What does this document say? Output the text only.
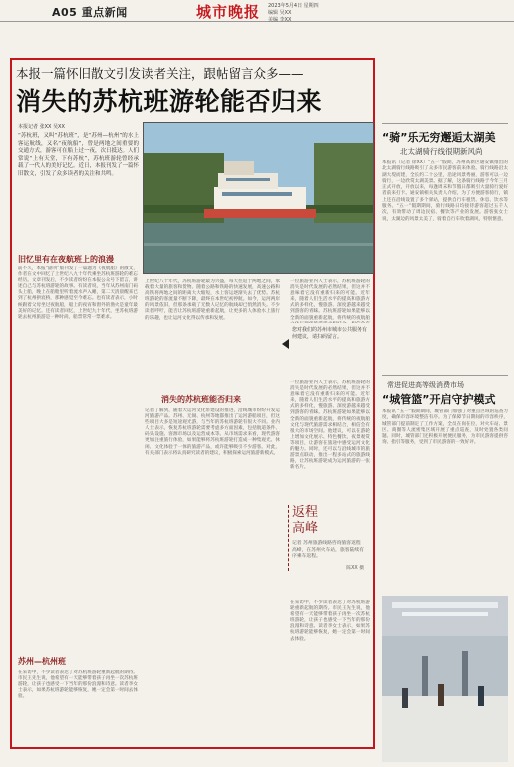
A05 重点新闻	城市晚报 2023年5月4日 星期四
编辑 吴XX
美编 李XX
本报一篇怀旧散文引发读者关注，跟帖留言众多——
消失的苏杭班游轮能否归来
本报记者 张XX 吴XX
“苏杭班，又叫“苏杭班”，是“苏州—杭州”的水上客运航线，又名“夜航船”，曾是两地之间重要的交通方式，游客可在船上过一夜，次日抵达。人们常说“上有天堂，下有苏杭”，苏杭班游轮曾经承载了一代人的美好记忆。近日，本报刊发了一篇怀旧散文，引发了众多读者的关注和共鸣。
旧忆里有在夜航班上的浪漫
前不久，本报“副刊”版刊发了一篇题为《夜航船》的散文，作者在文中回忆了上世纪八九十年代乘坐苏杭班游轮的难忘经历。文章刊发后，不少读者纷纷在本报公众号下留言，讲述自己与苏杭班游轮的故事。有读者说，当年从苏州南门码头上船，晚上在船舱里听着流水声入睡，第二天清晨醒来已到了杭州拱宸桥，那种感觉至今难忘。也有读者表示，小时候跟着父母坐过夜航船，船上的夜宵和窗外的渔火是童年最美好的记忆。还有读者回忆，上世纪九十年代，坐苏杭班游轮去杭州旅游是一种时尚，船票常常一票难求。
苏州—杭州班
在采访中，不少读者表达了对苏杭班游轮重新起航的期待。市民王先生说，他希望有一天能够带着孩子再坐一次苏杭班游轮，让孩子也感受一下当年的那份浪漫和诗意。读者李女士表示，如果苏杭班游轮能够恢复，她一定会第一时间去体验。
上世纪八十年代，苏杭班游轮最为兴盛，每天往返于两地之间，承载着大量的旅客和货物。随着公路和铁路的快速发展，高速公路和高铁将两地之间的距离大大缩短，水上客运逐渐失去了优势。苏杭班游轮的客流量不断下降，最终在本世纪初停航。如今，运河两岸的风景依旧，但那条承载了无数人记忆的航线却已悄然消失。不少读者呼吁，能否让苏杭班游轮重新起航，让更多的人体验水上旅行的乐趣，也让运河文化得以传承和发展。
消失的苏杭班能否归来
记者了解到，随着大运河文化带建设的推进，沿线城市纷纷开发运河旅游产品。苏州、无锡、杭州等地都推出了运河游船项目，但这些项目大多是短途观光游，与当年的苏杭班游轮有很大不同。业内人士表示，恢复苏杭班游轮需要考虑多方面因素，包括航道条件、码头设施、客源市场以及运营成本等。从市场需求来看，现代游客更加注重旅行体验，如果能够将苏杭班游轮打造成一种集观光、休闲、文化体验于一体的旅游产品，或许能够吸引不少游客。对此，有关部门表示将认真研究读者的建议，积极探索运河旅游新模式。
一位旅游业内人士表示，苏杭班游轮的消失是时代发展的必然结果，但这并不意味着它没有重新归来的可能。近年来，随着人们生活水平的提高和旅游方式的多样化，慢旅游、深度游越来越受到游客的青睐。苏杭班游轮如果能够以全新的面貌重新起航，将传统的夜航船
您对我们的苏州市城市公共服务有何建议，请扫码留言。
一位旅游业内人士表示，苏杭班游轮的消失是时代发展的必然结果，但这并不意味着它没有重新归来的可能。近年来，随着人们生活水平的提高和旅游方式的多样化，慢旅游、深度游越来越受到游客的青睐。苏杭班游轮如果能够以全新的面貌重新起航，将传统的夜航船文化与现代旅游需求相结合，相信会有很大的市场空间。他建议，可以在游轮上增加文化展示、特色餐饮、夜景观赏等项目，让游客在旅途中感受运河文化的魅力。同时，还可以与沿线城市的旅游景点联动，推出一程多站式的旅游线路，让苏杭班游轮成为运河旅游的一张新名片。
返程
高峰
记者 苏州旅游线路咨询旅客返程高峰，在苏州火车站，旅客陆续有序乘车返程。
陈XX 摄
在采访中，不少读者表达了对苏杭班游轮重新起航的期待。市民王先生说，他希望有一天能够带着孩子再坐一次苏杭班游轮，让孩子也感受一下当年的那份浪漫和诗意。读者李女士表示，如果苏杭班游轮能够恢复，她一定会第一时间去体验。
“骑”乐无穷邂逅太湖美
北太湖骑行线很期新风尚
本报讯（记者 徐XX）“五一”假期，苏州高新区通安镇推出的北太湖骑行线路吸引了众多市民游客前来体验。骑行线路沿太湖大堤而建，全长约二十公里，沿途风景秀丽，游客可以一边骑行，一边欣赏太湖美景。据了解，这条骑行线路于今年三月正式开放，开放以来，每逢周末和节假日都吸引大量骑行爱好者前来打卡。通安镇相关负责人介绍，为了方便游客骑行，镇上还在沿线设置了多个驿站，提供自行车租赁、休息、饮水等服务。“五一”假期期间，骑行线路日均接待游客超过五千人次，有效带动了周边民宿、餐饮等产业的发展。游客张女士说，太湖边的风景太美了，骑着自行车吹着湖风，特别惬意。
常进促进高等级消费市场
“城管篮”开启守护模式
本报讯 “五一”假期期间，城管部门加强了对重点区域的巡查力度，确保市容环境整洁有序。为了保障节日期间的市容秩序，城管部门提前制定了工作方案，全员在岗在位，对火车站、景区、商圈等人流密集区域开展了重点巡查，及时处置各类问题。同时，城管部门还积极开展便民服务，为市民游客提供咨询、指引等服务，受到了市民游客的一致好评。
